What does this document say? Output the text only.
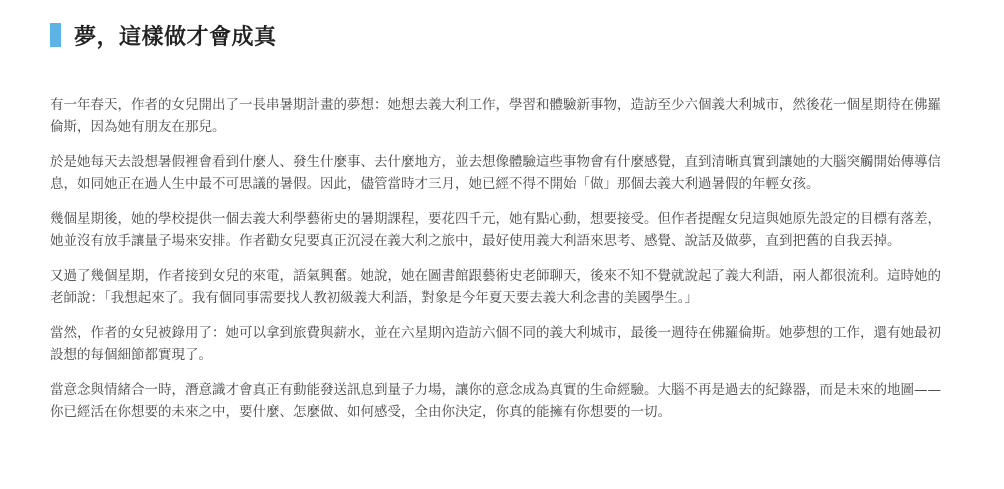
夢，這樣做才會成真

有一年春天，作者的女兒開出了一長串暑期計畫的夢想：她想去義大利工作，學習和體驗新事物，造訪至少六個義大利城市，然後花一個星期待在佛羅倫斯，因為她有朋友在那兒。

於是她每天去設想暑假裡會看到什麼人、發生什麼事、去什麼地方，並去想像體驗這些事物會有什麼感覺，直到清晰真實到讓她的大腦突觸開始傳導信息，如同她正在過人生中最不可思議的暑假。因此，儘管當時才三月，她已經不得不開始「做」那個去義大利過暑假的年輕女孩。

幾個星期後，她的學校提供一個去義大利學藝術史的暑期課程，要花四千元，她有點心動，想要接受。但作者提醒女兒這與她原先設定的目標有落差，她並沒有放手讓量子場來安排。作者勸女兒要真正沉浸在義大利之旅中，最好使用義大利語來思考、感覺、說話及做夢，直到把舊的自我丟掉。

又過了幾個星期，作者接到女兒的來電，語氣興奮。她說，她在圖書館跟藝術史老師聊天，後來不知不覺就說起了義大利語，兩人都很流利。這時她的老師說：「我想起來了。我有個同事需要找人教初級義大利語，對象是今年夏天要去義大利念書的美國學生。」

當然，作者的女兒被錄用了：她可以拿到旅費與薪水，並在六星期內造訪六個不同的義大利城市，最後一週待在佛羅倫斯。她夢想的工作，還有她最初設想的每個細節都實現了。

當意念與情緒合一時，潛意識才會真正有動能發送訊息到量子力場，讓你的意念成為真實的生命經驗。大腦不再是過去的紀錄器，而是未來的地圖——你已經活在你想要的未來之中，要什麼、怎麼做、如何感受，全由你決定，你真的能擁有你想要的一切。
